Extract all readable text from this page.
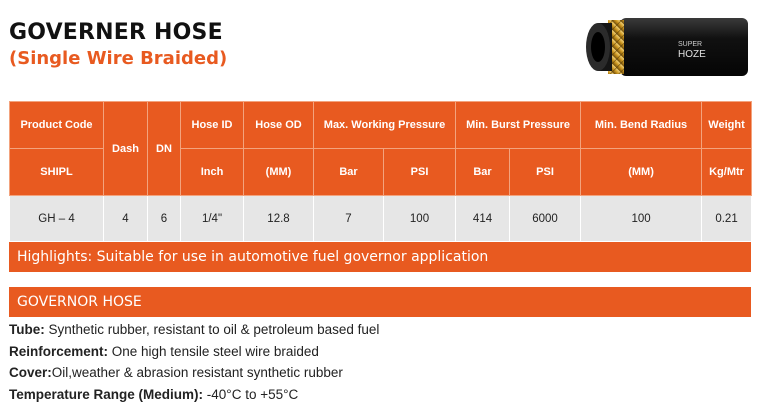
GOVERNER HOSE
(Single Wire Braided)
SUPER
HOZE
Product Code	Dash	DN	Hose ID	Hose OD	Max. Working Pressure		Min. Burst Pressure		Min. Bend Radius	Weight
SHIPL			Inch	(MM)	Bar	PSI	Bar	PSI	(MM)	Kg/Mtr
GH – 4	4	6	1/4"	12.8	7	100	414	6000	100	0.21
Highlights: Suitable for use in automotive fuel governor application
GOVERNOR HOSE
Tube: Synthetic rubber, resistant to oil & petroleum based fuel
Reinforcement: One high tensile steel wire braided
Cover:Oil,weather & abrasion resistant synthetic rubber
Temperature Range (Medium): -40°C to +55°C
